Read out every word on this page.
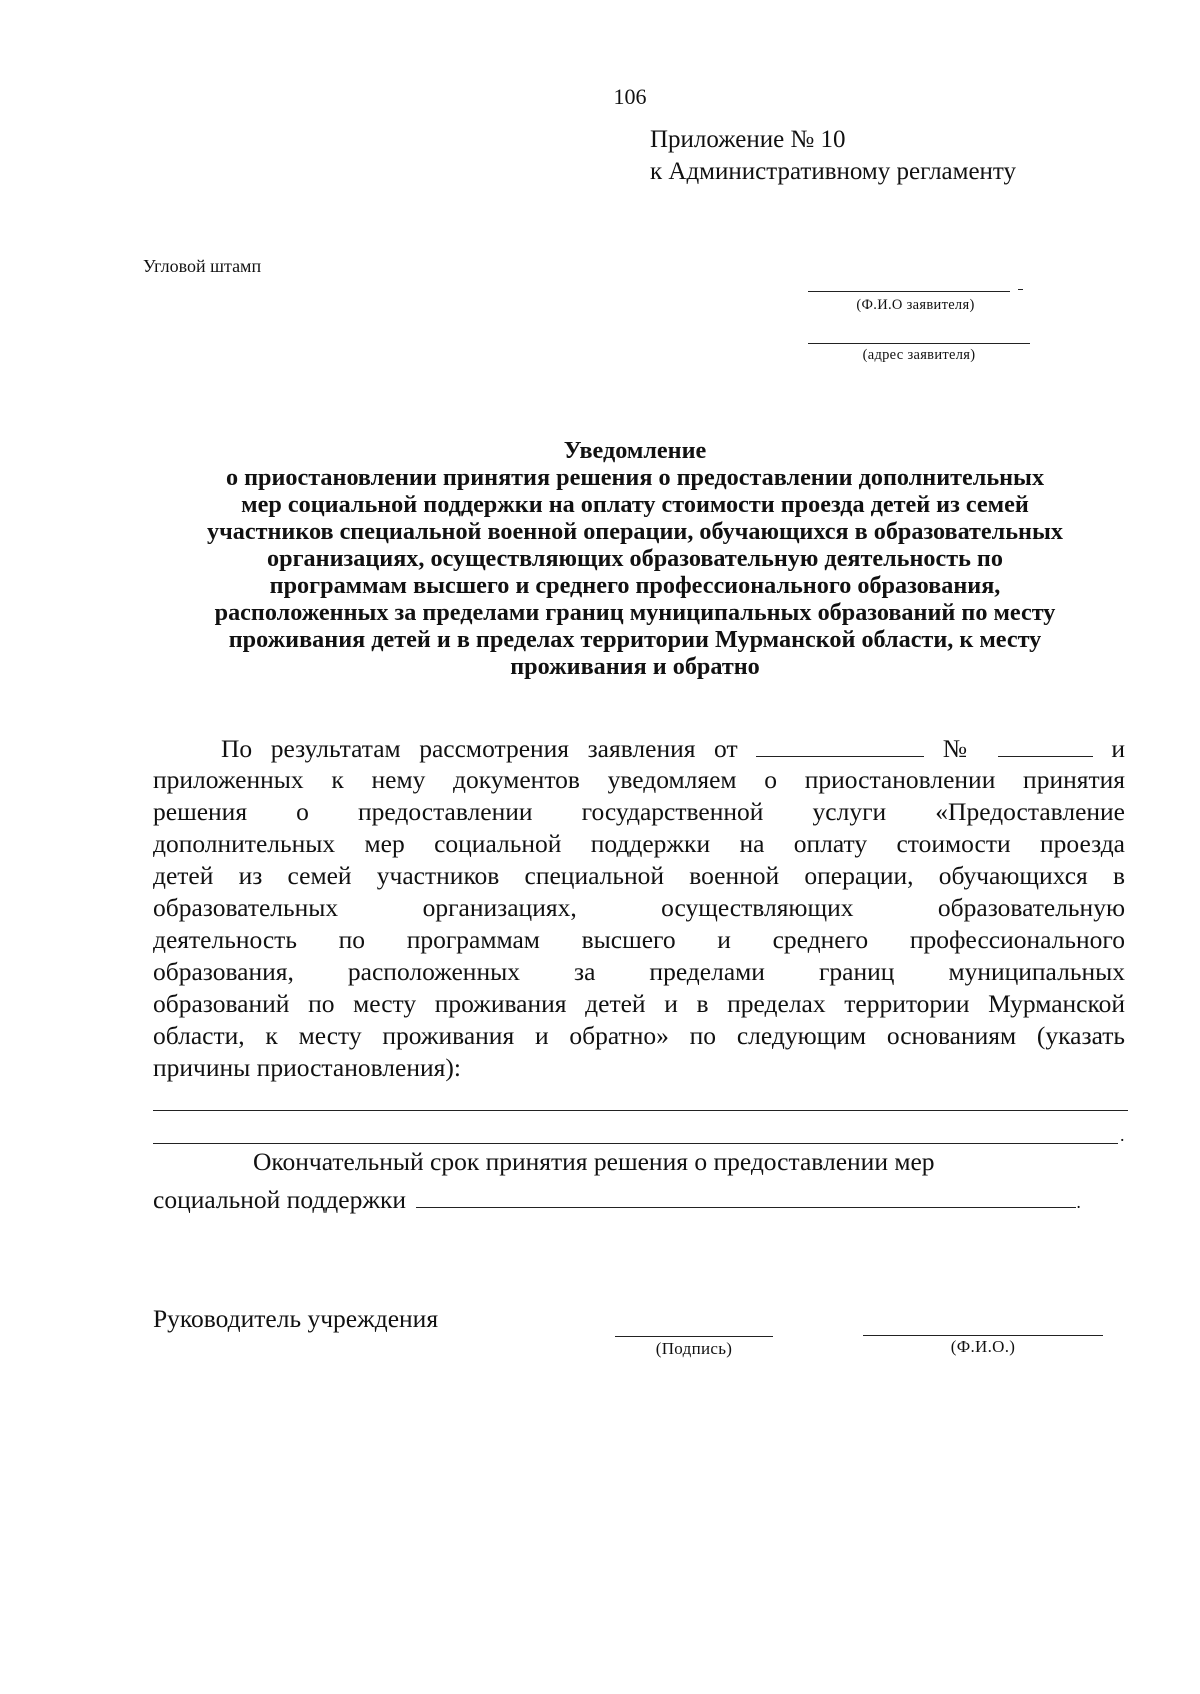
106
Приложение № 10
к Административному регламенту
Угловой штамп
(Ф.И.О заявителя)
(адрес заявителя)
Уведомление
о приостановлении принятия решения о предоставлении дополнительных
мер социальной поддержки на оплату стоимости проезда детей из семей
участников специальной военной операции, обучающихся в образовательных
организациях, осуществляющих образовательную деятельность по
программам высшего и среднего профессионального образования,
расположенных за пределами границ муниципальных образований по месту
проживания детей и в пределах территории Мурманской области, к месту
проживания и обратно
По результатам рассмотрения заявления от	№	и
приложенных к нему документов уведомляем о приостановлении принятия
решения о предоставлении государственной услуги «Предоставление
дополнительных мер социальной поддержки на оплату стоимости проезда
детей из семей участников специальной военной операции, обучающихся в
образовательных организациях, осуществляющих образовательную
деятельность по программам высшего и среднего профессионального
образования, расположенных за пределами границ муниципальных
образований по месту проживания детей и в пределах территории Мурманской
области, к месту проживания и обратно» по следующим основаниям (указать
причины приостановления):
.
Окончательный срок принятия решения о предоставлении мер
социальной поддержки	.
Руководитель учреждения
(Подпись)	(Ф.И.О.)
